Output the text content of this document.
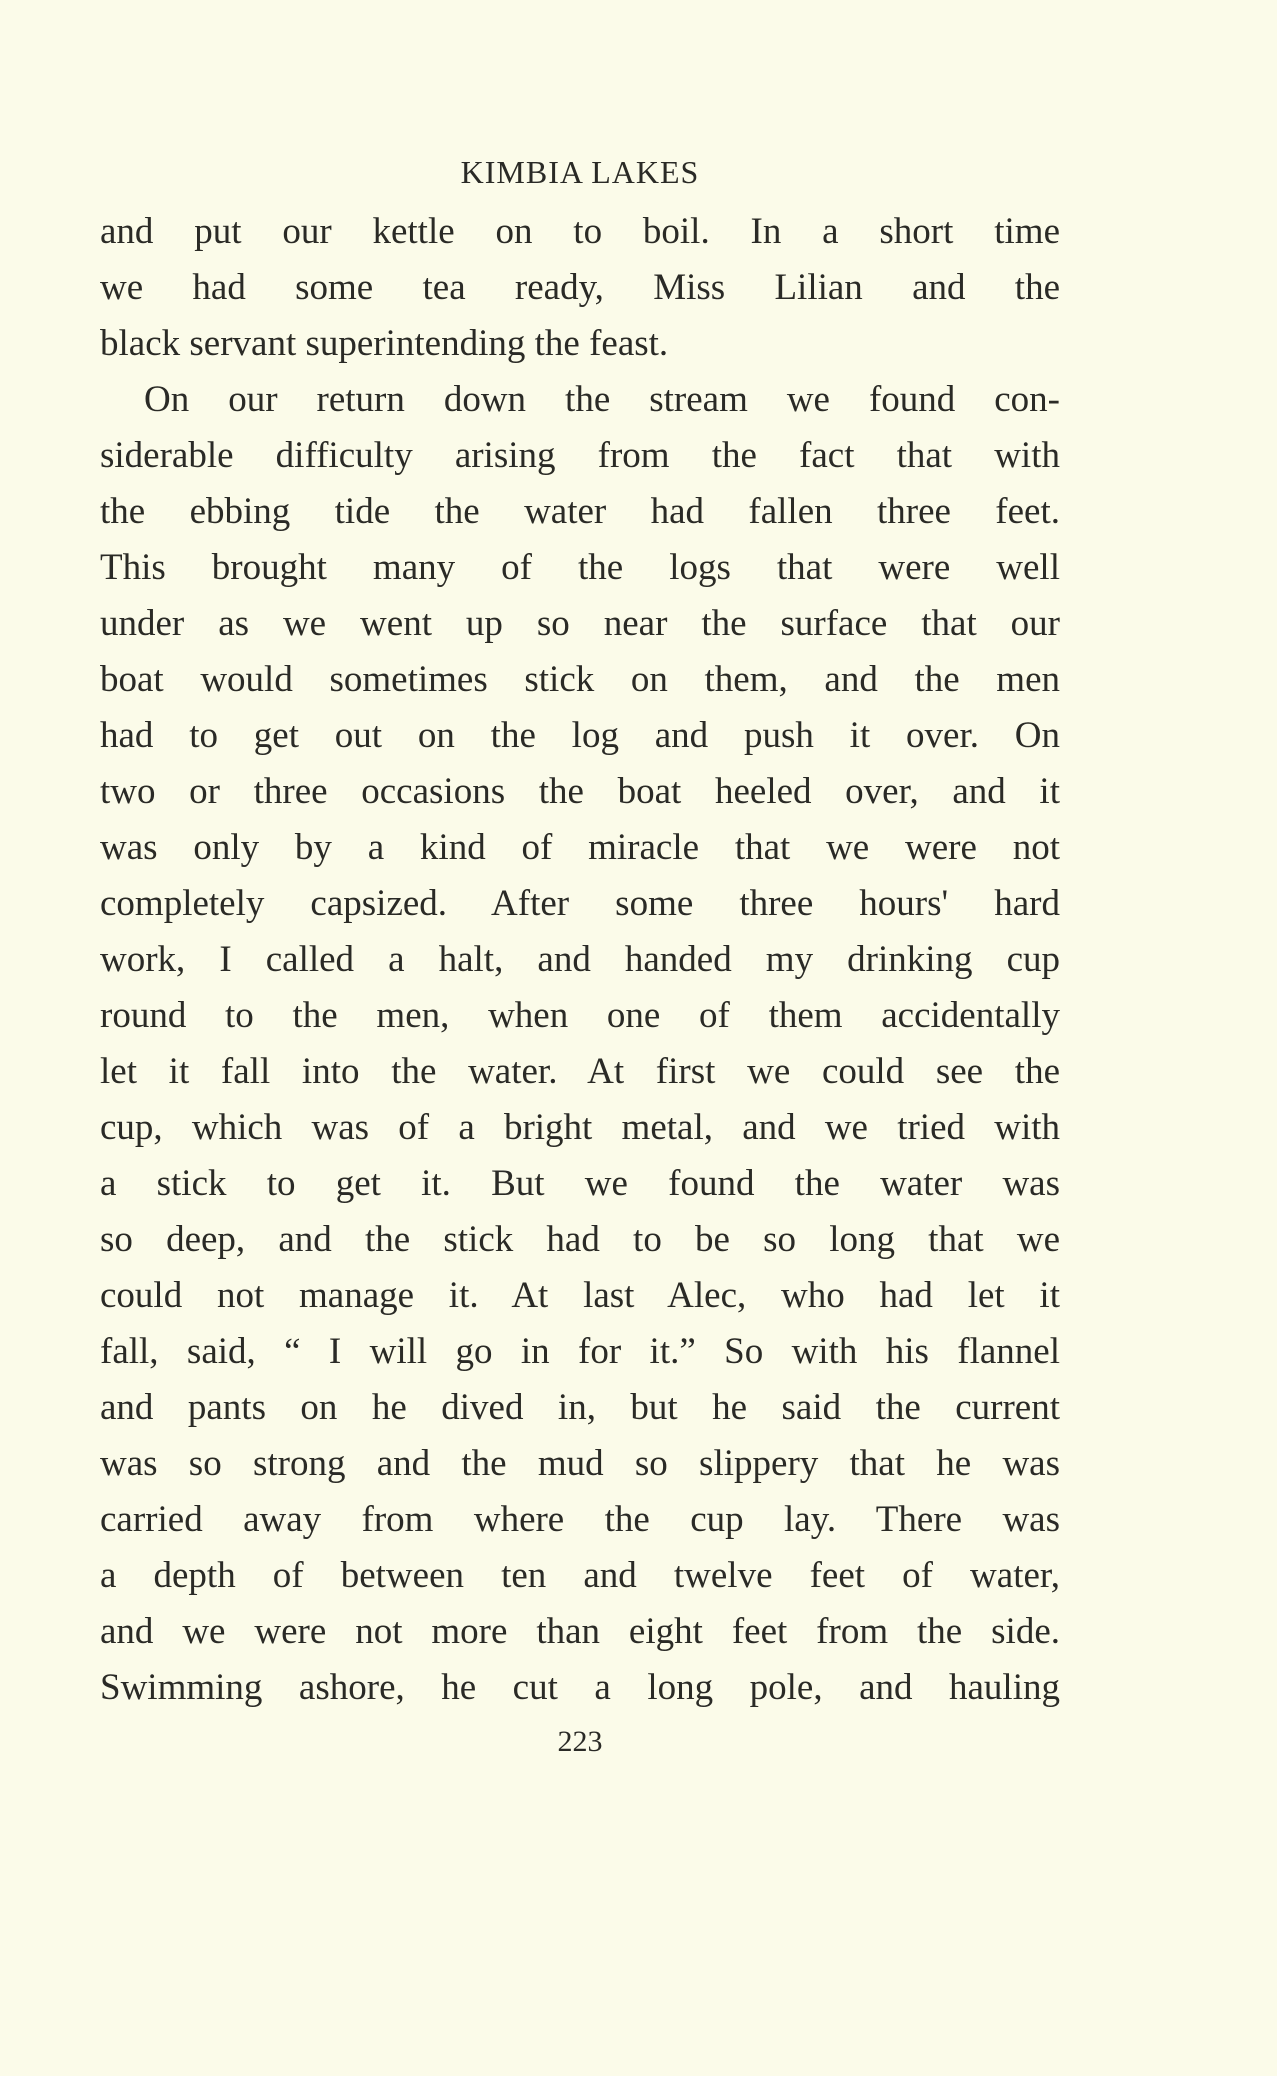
KIMBIA LAKES
and put our kettle on to boil. In a short time
we had some tea ready, Miss Lilian and the
black servant superintending the feast.
On our return down the stream we found con-
siderable difficulty arising from the fact that with
the ebbing tide the water had fallen three feet.
This brought many of the logs that were well
under as we went up so near the surface that our
boat would sometimes stick on them, and the men
had to get out on the log and push it over. On
two or three occasions the boat heeled over, and it
was only by a kind of miracle that we were not
completely capsized. After some three hours' hard
work, I called a halt, and handed my drinking cup
round to the men, when one of them accidentally
let it fall into the water. At first we could see the
cup, which was of a bright metal, and we tried with
a stick to get it. But we found the water was
so deep, and the stick had to be so long that we
could not manage it. At last Alec, who had let it
fall, said, “ I will go in for it.” So with his flannel
and pants on he dived in, but he said the current
was so strong and the mud so slippery that he was
carried away from where the cup lay. There was
a depth of between ten and twelve feet of water,
and we were not more than eight feet from the side.
Swimming ashore, he cut a long pole, and hauling
223
